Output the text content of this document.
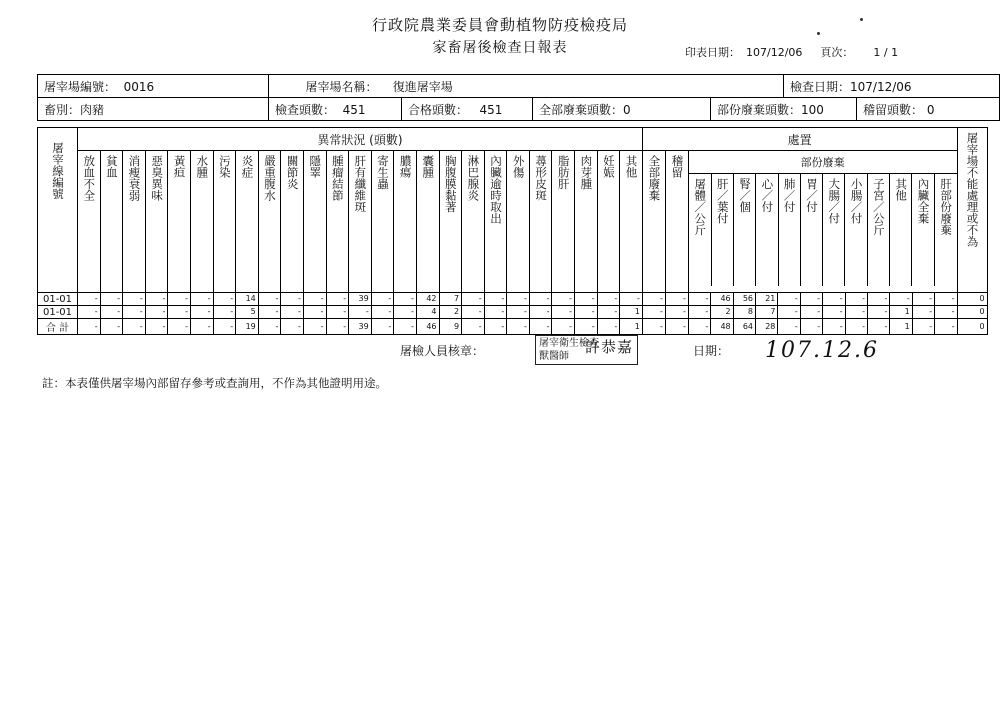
行政院農業委員會動植物防疫檢疫局
家畜屠後檢查日報表	印表日期： 107/12/06 頁次： 1 / 1
屠宰場編號： 0016	屠宰場名稱： 復進屠宰場				檢查日期：107/12/06	
畜別：肉豬	檢查頭數： 451	合格頭數： 451	全部廢棄頭數：0	部份廢棄頭數：100		稽留頭數： 0
屠宰線編號
	異常狀況 (頭數)	處置	屠宰場不能處理或不為

放血不全	貧血	消瘦衰弱	惡臭異味	黃疸	水腫	污染	炎症	嚴重腹水	關節炎	隱睪	腫瘤結節	肝有纖維斑	寄生蟲	膿瘍	囊腫	胸腹膜黏著	淋巴腺炎	內臟逾時取出	外傷	蕁形皮斑	脂肪肝	肉芽腫	妊娠	其他	全部廢棄	稽留
		部份廢棄

屠體／公斤	肝／葉付	腎／個	心／付	肺／付	胃／付	大腸／付	小腸／付	子宮／公斤	其他	內臟全棄	肝部份廢棄

01-01	-	-	-	-	-	-	-	14	-	-	-	-	39	-	-	42	7	-	-	-	-	-	-	-	-	-	-	-	46	56	21	-	-	-	-	-	-	-	-	0
01-01	-	-	-	-	-	-	-	5	-	-	-	-	-	-	-	4	2	-	-	-	-	-	-	-	1	-	-	-	2	8	7	-	-	-	-	-	1	-	-	0
合 計	-	-	-	-	-	-	-	19	-	-	-	-	39	-	-	46	9	-	-	-	-	-	-	-	1	-	-	-	48	64	28	-	-	-	-	-	1	-	-	0
屠檢人員核章：
屠宰衛生檢查
獸醫師
許恭嘉	日期： 107.12.6
註：本表僅供屠宰場內部留存參考或查詢用，不作為其他證明用途。
